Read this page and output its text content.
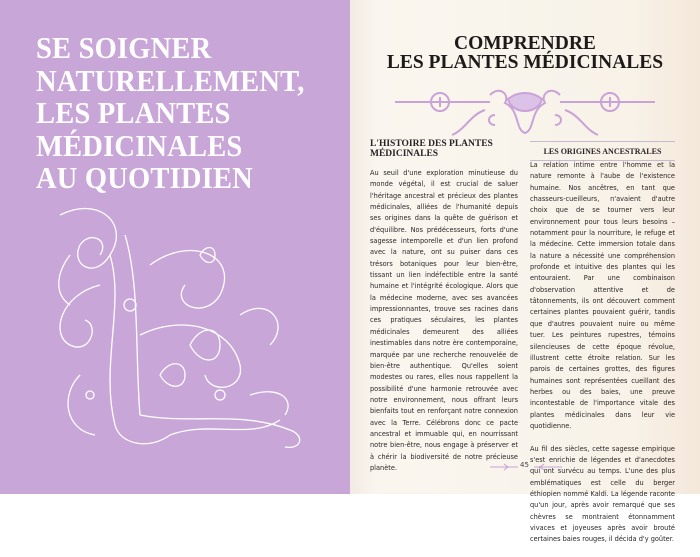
SE SOIGNER
NATURELLEMENT,
LES PLANTES
MÉDICINALES
AU QUOTIDIEN
COMPRENDRE
LES PLANTES MÉDICINALES
L'HISTOIRE DES PLANTES MÉDICINALES

Au seuil d'une exploration minutieuse du monde végétal, il est crucial de saluer l'héritage ancestral et précieux des plantes médicinales, alliées de l'humanité depuis ses origines dans la quête de guérison et d'équilibre. Nos prédécesseurs, forts d'une sagesse intemporelle et d'un lien profond avec la nature, ont su puiser dans ces trésors botaniques pour leur bien-être, tissant un lien indéfectible entre la santé humaine et l'intégrité écologique. Alors que la médecine moderne, avec ses avancées impressionnantes, trouve ses racines dans ces pratiques séculaires, les plantes médicinales demeurent des alliées inestimables dans notre ère contemporaine, marquée par une recherche renouvelée de bien-être authentique. Qu'elles soient modestes ou rares, elles nous rappellent la possibilité d'une harmonie retrouvée avec notre environnement, nous offrant leurs bienfaits tout en renforçant notre connexion avec la Terre. Célébrons donc ce pacte ancestral et immuable qui, en nourrissant notre bien-être, nous engage à préserver et à chérir la biodiversité de notre précieuse planète.

LES ORIGINES ANCESTRALES

La relation intime entre l'homme et la nature remonte à l'aube de l'existence humaine. Nos ancêtres, en tant que chasseurs-cueilleurs, n'avaient d'autre choix que de se tourner vers leur environnement pour tous leurs besoins – notamment pour la nourriture, le refuge et la médecine. Cette immersion totale dans la nature a nécessité une compréhension profonde et intuitive des plantes qui les entouraient. Par une combinaison d'observation attentive et de tâtonnements, ils ont découvert comment certaines plantes pouvaient guérir, tandis que d'autres pouvaient nuire ou même tuer. Les peintures rupestres, témoins silencieuses de cette époque révolue, illustrent cette étroite relation. Sur les parois de certaines grottes, des figures humaines sont représentées cueillant des herbes ou des baies, une preuve incontestable de l'importance vitale des plantes médicinales dans leur vie quotidienne.

Au fil des siècles, cette sagesse empirique s'est enrichie de légendes et d'anecdotes qui ont survécu au temps. L'une des plus emblématiques est celle du berger éthiopien nommé Kaldi. La légende raconte qu'un jour, après avoir remarqué que ses chèvres se montraient étonnamment vivaces et joyeuses après avoir brouté certaines baies rouges, il décida d'y goûter.

45
